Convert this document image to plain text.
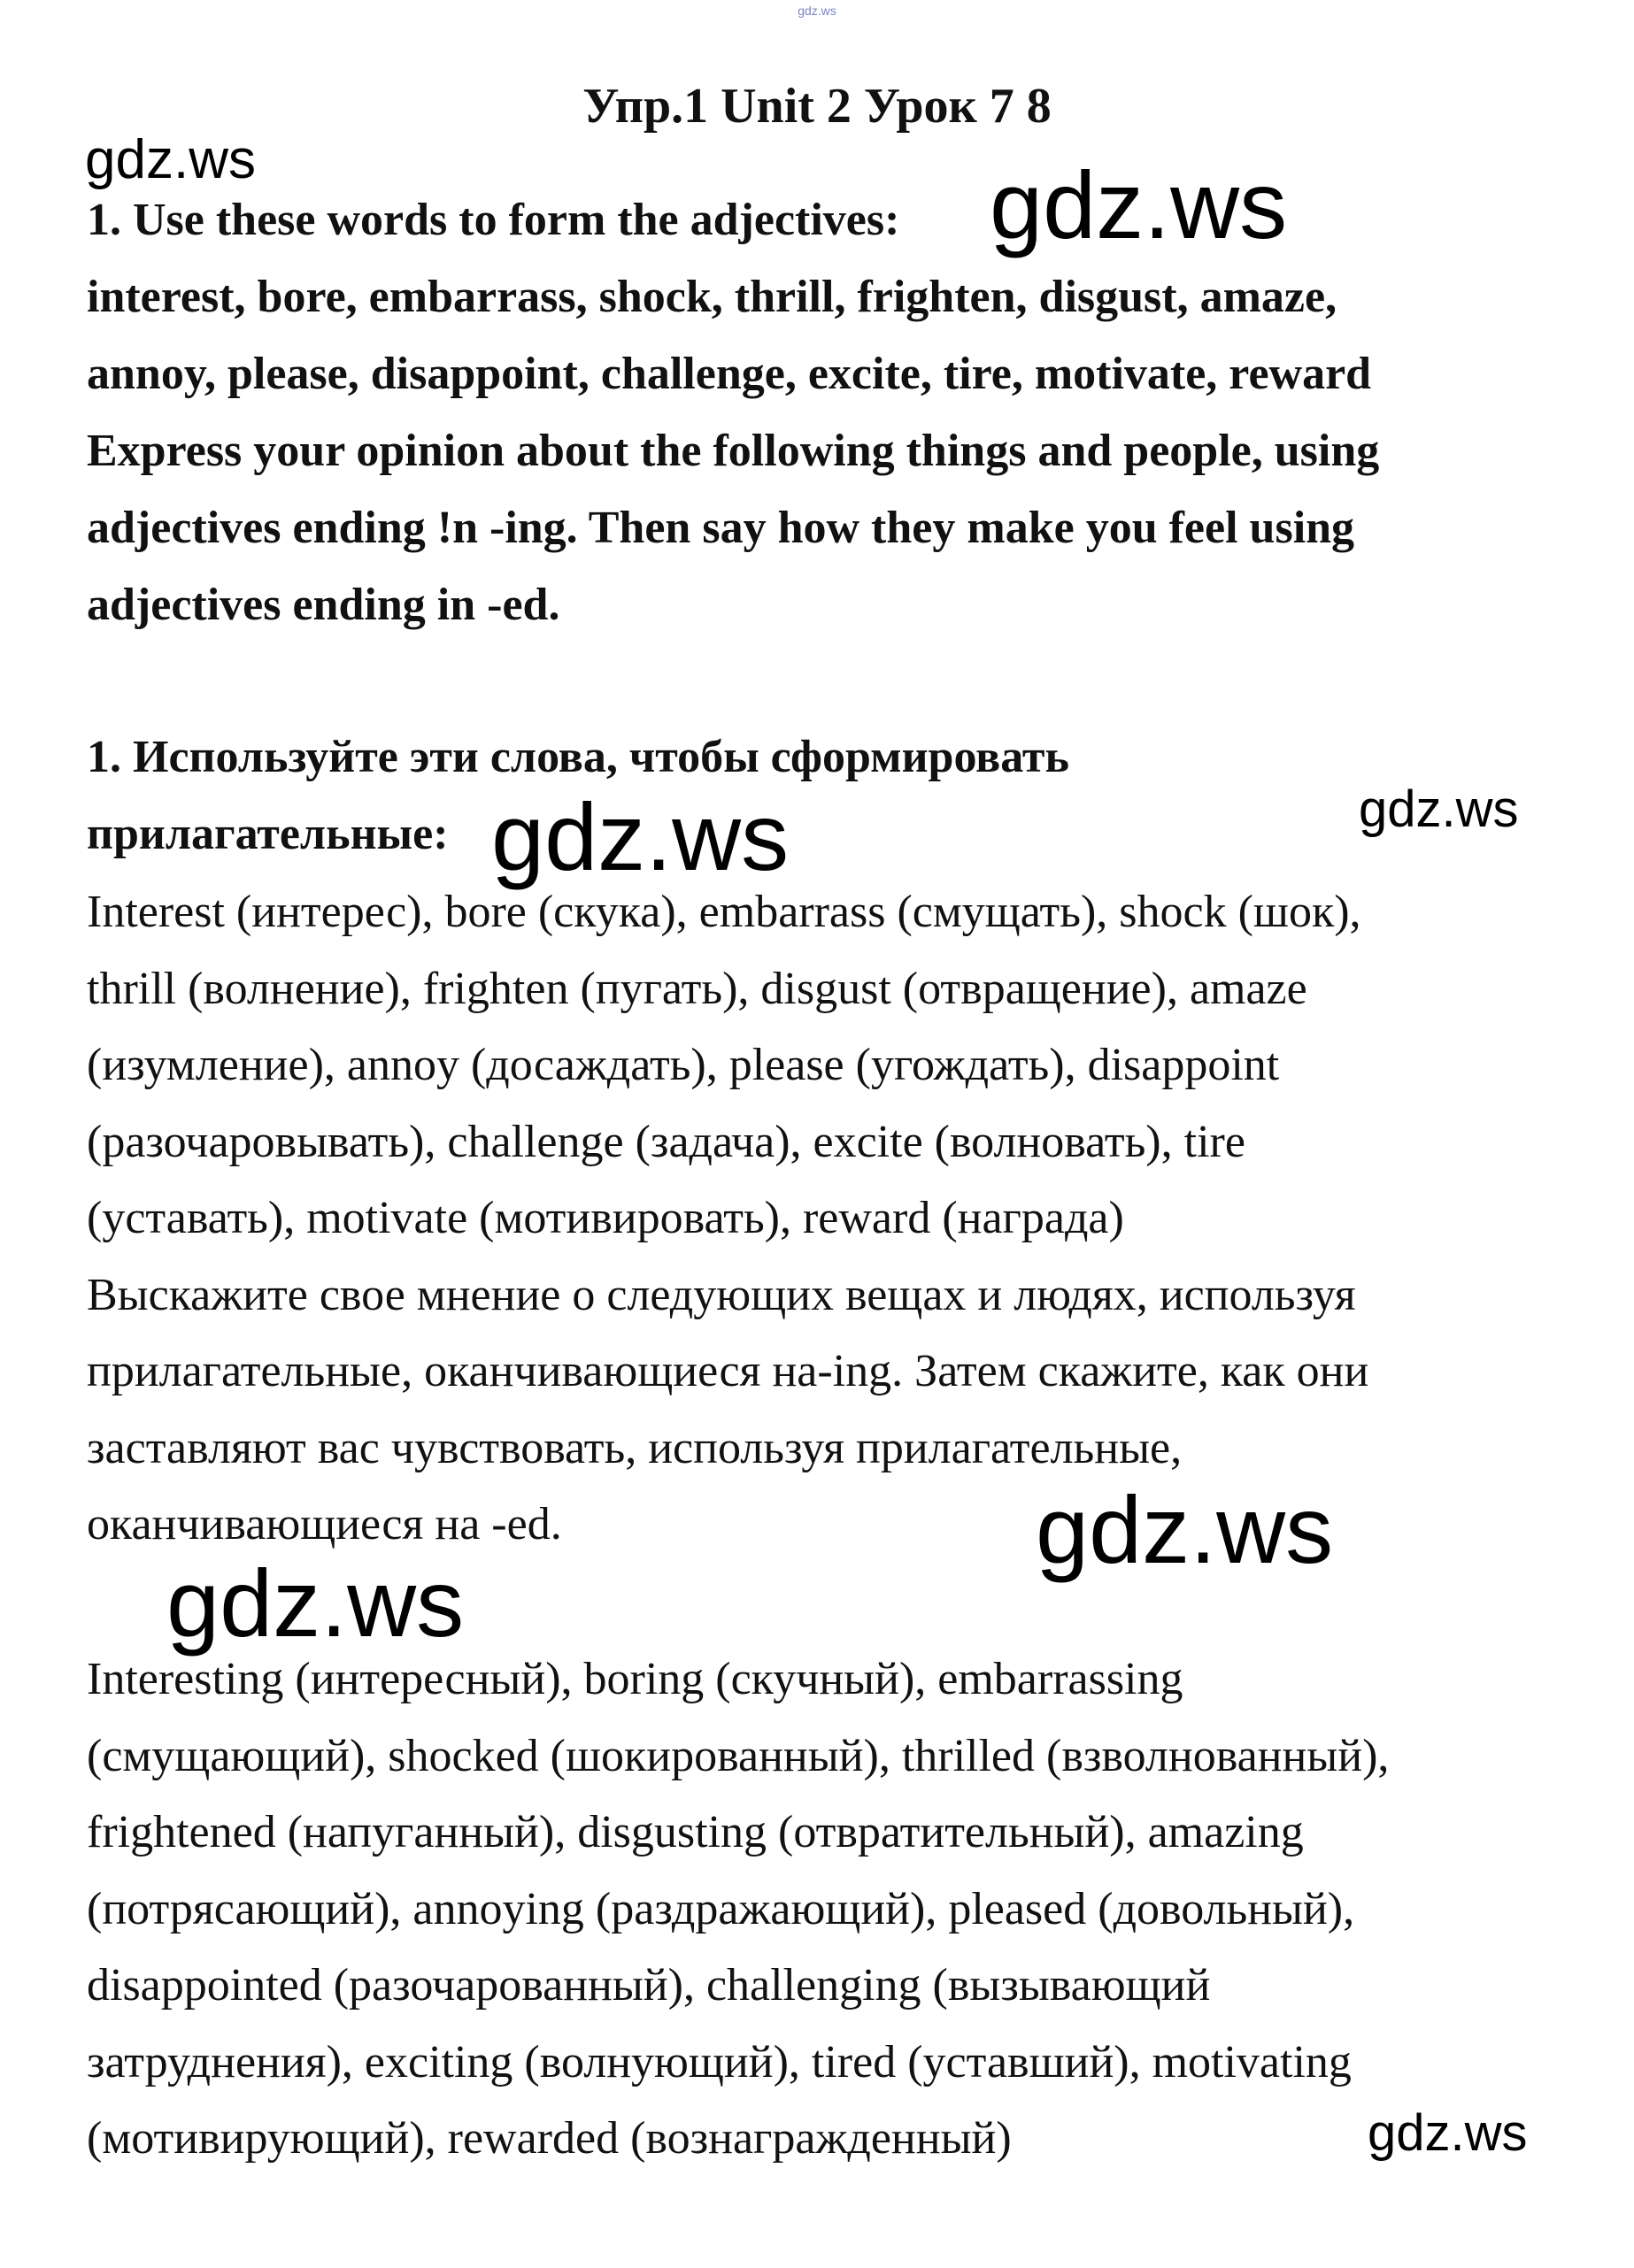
gdz.ws
Упр.1 Unit 2 Урок 7 8
1. Use these words to form the adjectives:
interest, bore, embarrass, shock, thrill, frighten, disgust, amaze,
annoy, please, disappoint, challenge, excite, tire, motivate, reward
Express your opinion about the following things and people, using
adjectives ending !n -ing. Then say how they make you feel using
adjectives ending in -ed.
1. Используйте эти слова, чтобы сформировать
прилагательные:
Interest (интерес), bore (скука), embarrass (смущать), shock (шок),
thrill (волнение), frighten (пугать), disgust (отвращение), amaze
(изумление), annoy (досаждать), please (угождать), disappoint
(разочаровывать), challenge (задача), excite (волновать), tire
(уставать), motivate (мотивировать), reward (награда)
Выскажите свое мнение о следующих вещах и людях, используя
прилагательные, оканчивающиеся на-ing. Затем скажите, как они
заставляют вас чувствовать, используя прилагательные,
оканчивающиеся на -ed.
Interesting (интересный), boring (скучный), embarrassing
(смущающий), shocked (шокированный), thrilled (взволнованный),
frightened (напуганный), disgusting (отвратительный), amazing
(потрясающий), annoying (раздражающий), pleased (довольный),
disappointed (разочарованный), challenging (вызывающий
затруднения), exciting (волнующий), tired (уставший), motivating
(мотивирующий), rewarded (вознагражденный)
gdz.ws	gdz.ws
gdz.ws	gdz.ws
gdz.ws
gdz.ws
gdz.ws
